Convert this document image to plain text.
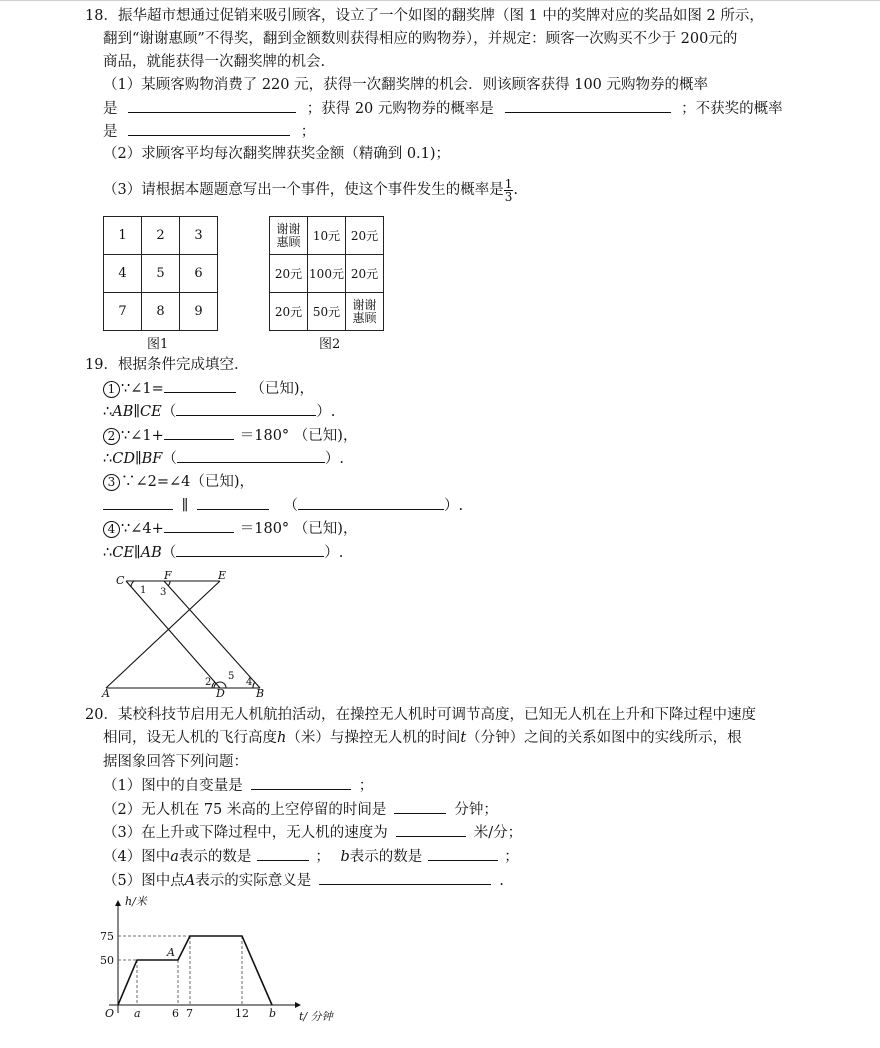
18．振华超市想通过促销来吸引顾客，设立了一个如图的翻奖牌（图 1 中的奖牌对应的奖品如图 2 所示，
翻到“谢谢惠顾”不得奖，翻到金额数则获得相应的购物券），并规定：顾客一次购买不少于 200元的
商品，就能获得一次翻奖牌的机会.
（1）某顾客购物消费了 220 元，获得一次翻奖牌的机会．则该顾客获得 100 元购物券的概率
是	；获得 20 元购物券的概率是	；不获奖的概率
是	；
（2）求顾客平均每次翻奖牌获奖金额（精确到 0.1)；
（3）请根据本题题意写出一个事件，使这个事件发生的概率是 $\frac{1}{3}$ .
1	2	3
4	5	6
7	8	9
图1
谢谢
惠顾	10元	20元
20元	100元	20元
20元	50元	谢谢
惠顾
图2
19．根据条件完成填空.
1 ∵∠1=	（已知)，
∴AB∥CE（	）.
2 ∵∠1+	＝180° （已知)，
∴CD∥BF（	）.
3 ∵∠2=∠4（已知)，
∥	（	）.
4 ∵∠4+	＝180° （已知)，
∴CE∥AB（	）.
C	F	E
A	D	B
1 3
2
5
4
20．某校科技节启用无人机航拍活动，在操控无人机时可调节高度，已知无人机在上升和下降过程中速度
相同，设无人机的飞行高度h（米）与操控无人机的时间t（分钟）之间的关系如图中的实线所示，根
据图象回答下列问题：
（1）图中的自变量是	；
（2）无人机在 75 米高的上空停留的时间是	分钟；
（3）在上升或下降过程中，无人机的速度为	米/分；
（4）图中a表示的数是	； b表示的数是	；
（5）图中点A表示的实际意义是	.
h/米
t/ 分钟
O
75
50
a	6 7	12 b
A
